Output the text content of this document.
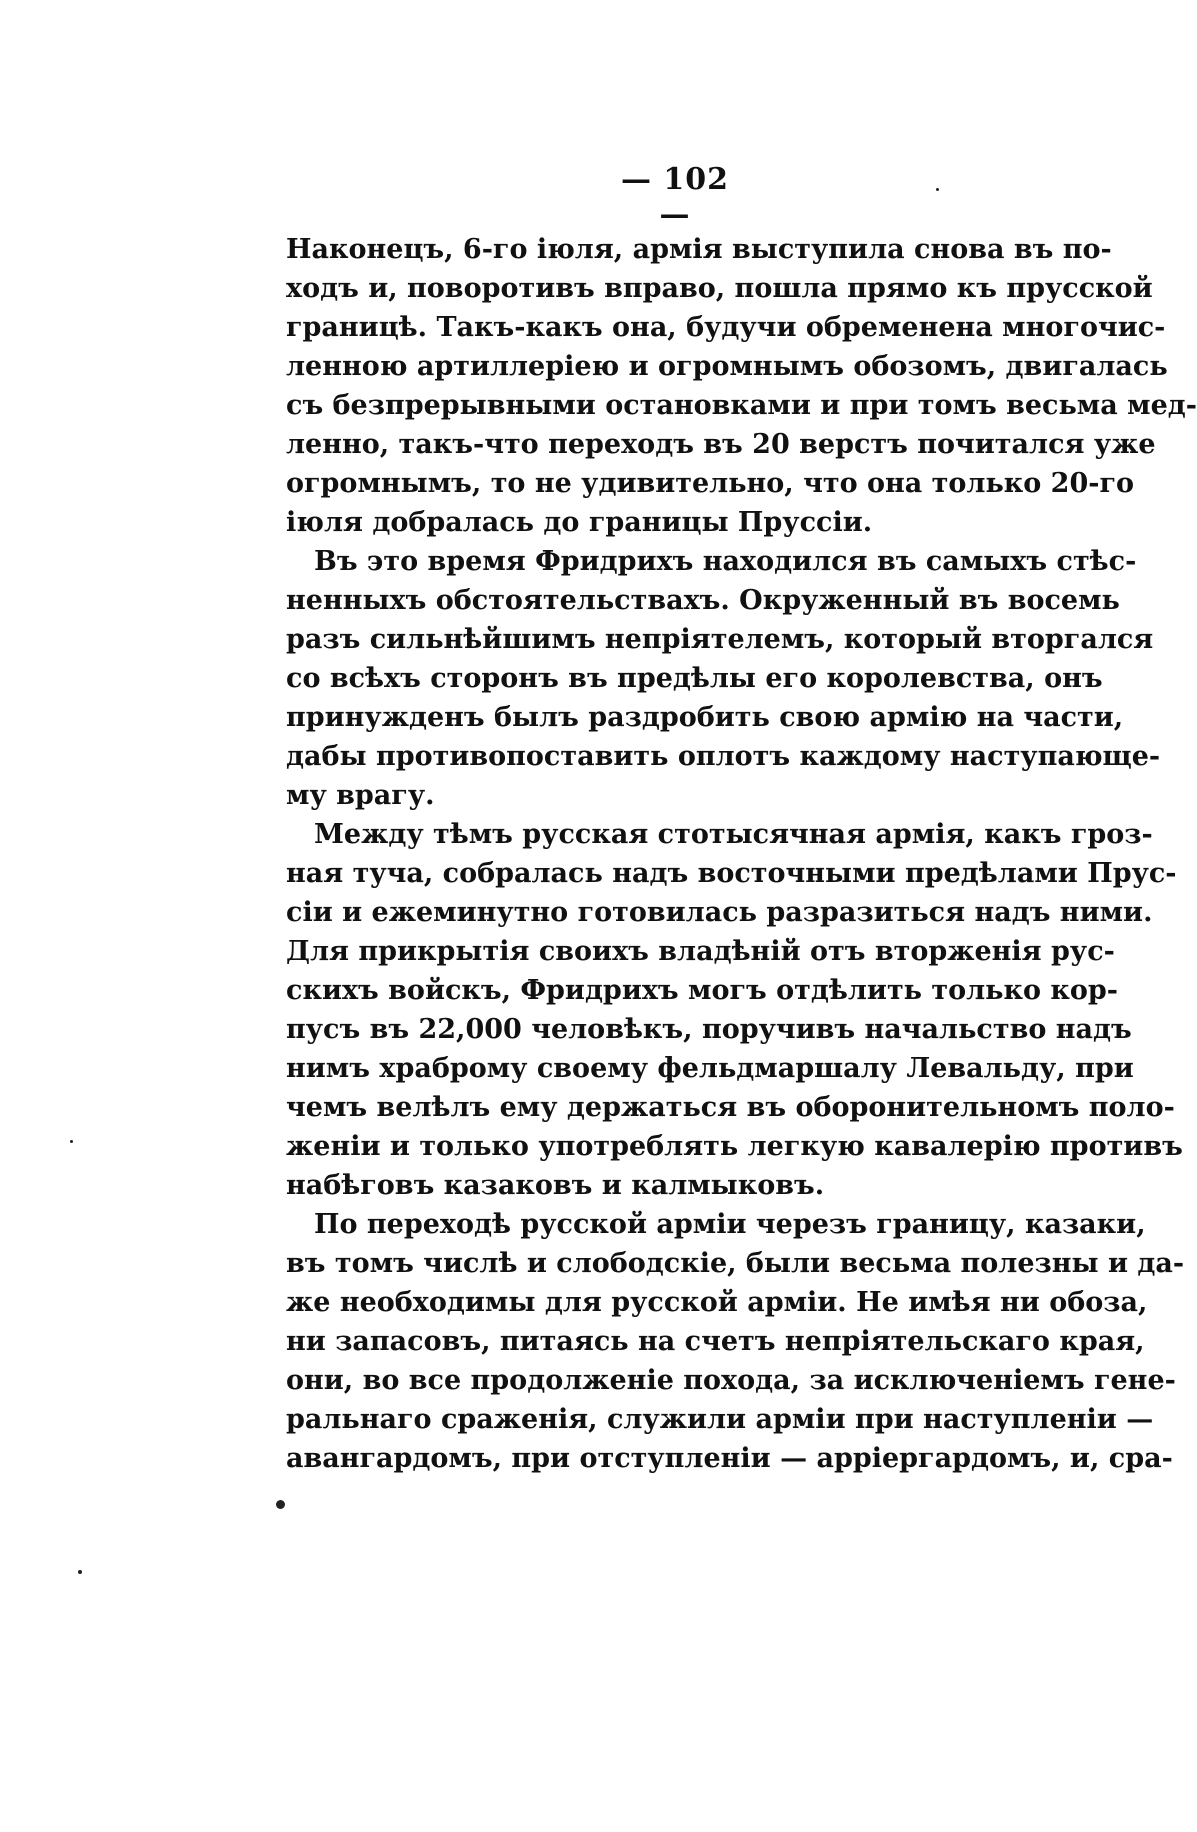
— 102 —
Наконецъ, 6-го іюля, армія выступила снова въ по-
ходъ и, поворотивъ вправо, пошла прямо къ прусской
границѣ. Такъ-какъ она, будучи обременена многочис-
ленною артиллеріею и огромнымъ обозомъ, двигалась
съ безпрерывными остановками и при томъ весьма мед-
ленно, такъ-что переходъ въ 20 верстъ почитался уже
огромнымъ, то не удивительно, что она только 20-го
іюля добралась до границы Пруссіи.
Въ это время Фридрихъ находился въ самыхъ стѣс-
ненныхъ обстоятельствахъ. Окруженный въ восемь
разъ сильнѣйшимъ непріятелемъ, который вторгался
со всѣхъ сторонъ въ предѣлы его королевства, онъ
принужденъ былъ раздробить свою армію на части,
дабы противопоставить оплотъ каждому наступающе-
му врагу.
Между тѣмъ русская стотысячная армія, какъ гроз-
ная туча, собралась надъ восточными предѣлами Прус-
сіи и ежеминутно готовилась разразиться надъ ними.
Для прикрытія своихъ владѣній отъ вторженія рус-
скихъ войскъ, Фридрихъ могъ отдѣлить только кор-
пусъ въ 22,000 человѣкъ, поручивъ начальство надъ
нимъ храброму своему фельдмаршалу Левальду, при
чемъ велѣлъ ему держаться въ оборонительномъ поло-
женіи и только употреблять легкую кавалерію противъ
набѣговъ казаковъ и калмыковъ.
По переходѣ русской арміи черезъ границу, казаки,
въ томъ числѣ и слободскіе, были весьма полезны и да-
же необходимы для русской арміи. Не имѣя ни обоза,
ни запасовъ, питаясь на счетъ непріятельскаго края,
они, во все продолженіе похода, за исключеніемъ гене-
ральнаго сраженія, служили арміи при наступленіи —
авангардомъ, при отступленіи — арріергардомъ, и, сра-
